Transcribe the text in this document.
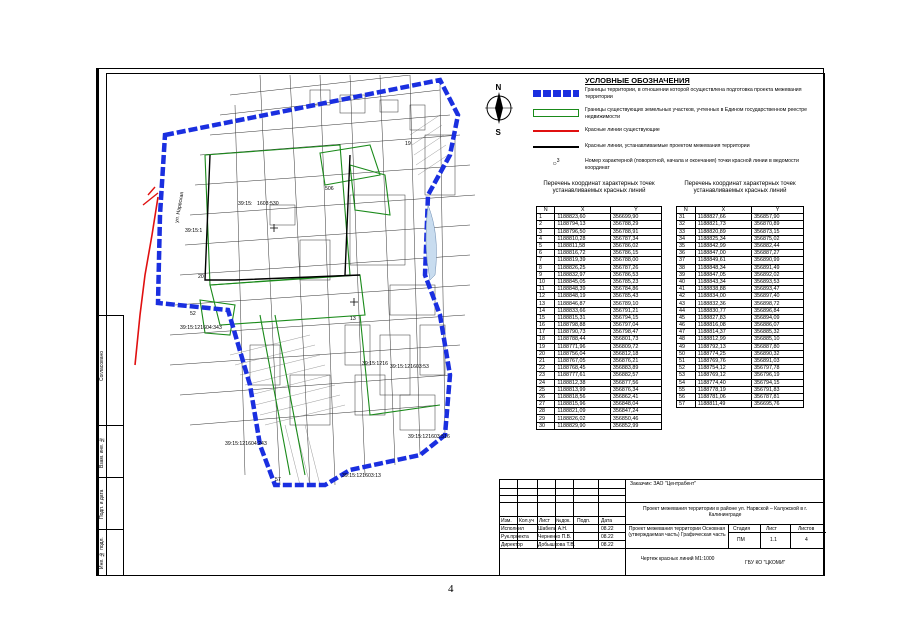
Согласовано
Взам. инв. №
Подп. и дата
Инв. № подл.
ул. Нарвская
39:15:1
39:15: 1603:530
39:15:121604:343
39:15:121603:516
39:15:121603:13
39:15:121603:53
39:15:121604:243
39:15:1216
506
20
52
57
19
13
N
S
УСЛОВНЫЕ ОБОЗНАЧЕНИЯ
Границы территории, в отношении которой осуществлена подготовка проекта межевания территории
Границы существующих земельных участков, учтенных в Едином государственном реестре недвижимости
Красные линии существующие
Красные линии, устанавливаемые проектом межевания территории
○$^3$	Номер характерной (поворотной, начала и окончания) точки красной линии в ведомости координат
Перечень координат характерных точек устанавливаемых красных линий
N	X	Y
1	1188823,60	356699,90
2	1188794,13	356788,29
3	1188796,50	356788,91
4	1188810,28	356787,34
5	1188811,58	356786,02
6	1188816,72	356786,15
7	1188819,39	356788,00
8	1188826,25	356787,26
9	1188832,97	356786,53
10	1188845,05	356785,23
11	1188848,39	356784,86
12	1188848,19	356785,43
13	1188846,87	356789,10
14	1188833,66	356791,21
15	1188815,31	356794,15
16	1188798,88	356797,04
17	1188790,73	356798,47
18	1188788,44	356801,73
19	1188771,96	356809,72
20	1188756,04	356812,18
21	1188767,05	356876,21
22	1188768,45	356883,89
23	1188777,61	356882,57
24	1188812,38	356877,56
25	1188813,99	356876,34
26	1188818,56	356862,41
27	1188815,96	356848,04
28	1188821,09	356847,24
29	1188826,02	356850,46
30	1188829,90	356852,99
Перечень координат характерных точек устанавливаемых красных линий
N	X	Y
31	1188827,66	356857,90
32	1188821,73	356870,89
33	1188820,89	356873,15
34	1188825,34	356875,02
35	1188842,99	356882,44
36	1188847,00	356887,27
37	1188849,61	356890,99
38	1188848,34	356891,49
39	1188847,05	356892,02
40	1188843,34	356893,53
41	1188838,88	356893,47
42	1188834,00	356897,40
43	1188832,36	356898,72
44	1188830,77	356896,84
45	1188827,83	356894,09
46	1188816,08	356886,07
47	1188814,37	356885,32
48	1188812,99	356885,10
49	1188792,13	356887,80
50	1188774,25	356890,32
51	1188769,76	356891,03
52	1188754,12	356797,78
53	1188769,12	356796,19
54	1188774,40	356794,15
55	1188778,19	356791,83
56	1188781,06	356787,81
57	1188811,49	356695,76
Заказчик: ЗАО "Центрабент"
Проект межевания территории в районе ул. Нарвской – Калужской в г. Калининграде
Изм. Кол.уч Лист №док. Подп. Дата
Исполнил	Шабель А.Н.	08.22
Рук.проекта Черненко П.В.	08.22
Директор	Добышкова Т.В.	08.22
Проект межевания территории Основная (утверждаемая часть) Графическая часть
Стадия	Лист	Листов
ПМ	1.1	4
Чертеж красных линий М1:1000
ГБУ КО "ЦКОМИ"
4
